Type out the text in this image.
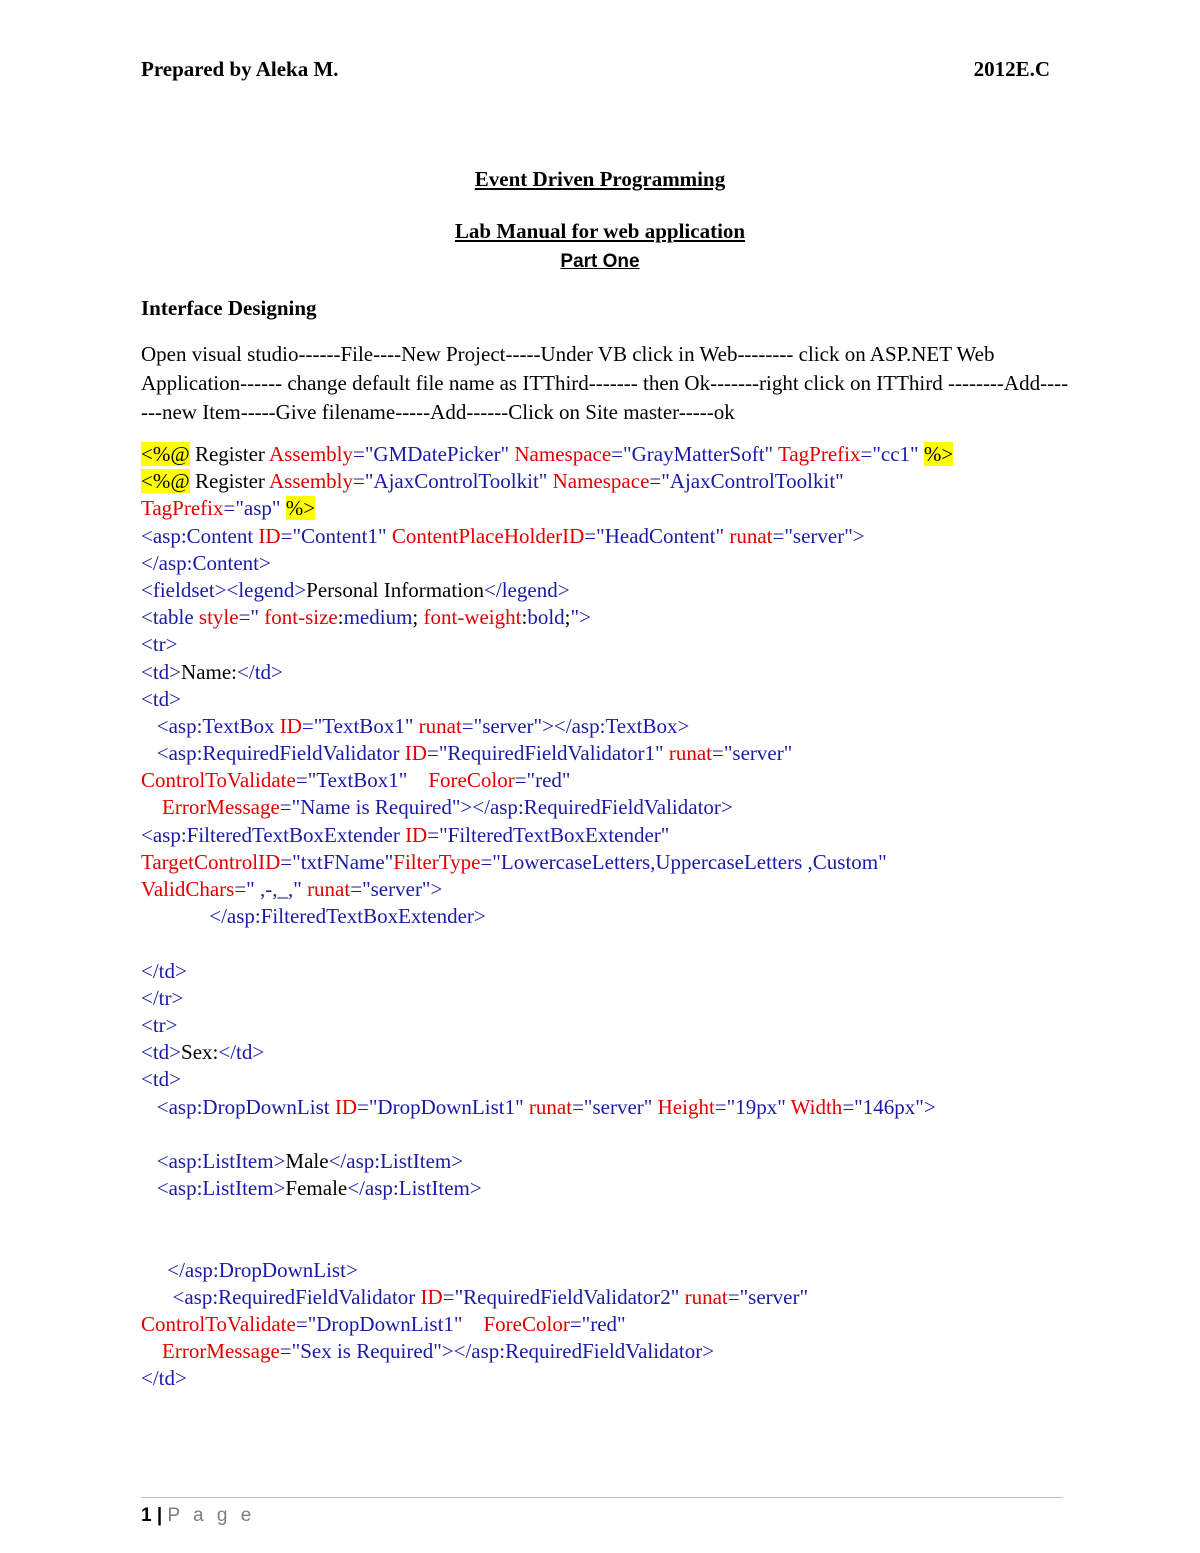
Prepared by Aleka M.	2012E.C
Event Driven Programming
Lab Manual for web application
Part One
Interface Designing
Open visual studio------File----New Project-----Under VB click in Web-------- click on ASP.NET Web Application------ change default file name as ITThird------- then Ok-------right click on ITThird --------Add-------new Item-----Give filename-----Add------Click on Site master-----ok
<%@ Register Assembly="GMDatePicker" Namespace="GrayMatterSoft" TagPrefix="cc1" %>
<%@ Register Assembly="AjaxControlToolkit" Namespace="AjaxControlToolkit"
TagPrefix="asp" %>
<asp:Content ID="Content1" ContentPlaceHolderID="HeadContent" runat="server">
</asp:Content>
<fieldset><legend>Personal Information</legend>
<table style=" font-size:medium; font-weight:bold;">
<tr>
<td>Name:</td>
<td>
<asp:TextBox ID="TextBox1" runat="server"></asp:TextBox>
<asp:RequiredFieldValidator ID="RequiredFieldValidator1" runat="server"
ControlToValidate="TextBox1"    ForeColor="red"
ErrorMessage="Name is Required"></asp:RequiredFieldValidator>
<asp:FilteredTextBoxExtender ID="FilteredTextBoxExtender"
TargetControlID="txtFName"FilterType="LowercaseLetters,UppercaseLetters ,Custom"
ValidChars=" ,-,_," runat="server">
</asp:FilteredTextBoxExtender>
</td>
</tr>
<tr>
<td>Sex:</td>
<td>
<asp:DropDownList ID="DropDownList1" runat="server" Height="19px" Width="146px">
<asp:ListItem>Male</asp:ListItem>
<asp:ListItem>Female</asp:ListItem>
</asp:DropDownList>
<asp:RequiredFieldValidator ID="RequiredFieldValidator2" runat="server"
ControlToValidate="DropDownList1"    ForeColor="red"
ErrorMessage="Sex is Required"></asp:RequiredFieldValidator>
</td>
1 | P a g e
